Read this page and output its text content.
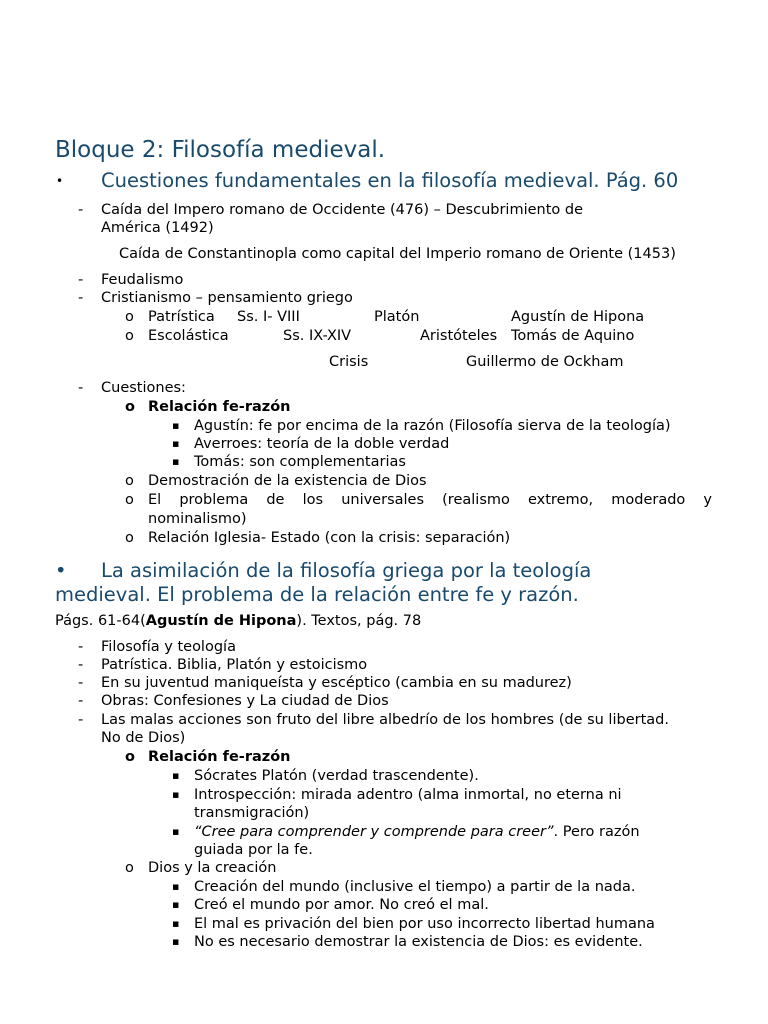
Bloque 2: Filosofía medieval.
• Cuestiones fundamentales en la filosofía medieval. Pág. 60
- Caída del Impero romano de Occidente (476) – Descubrimiento de
América (1492)
Caída de Constantinopla como capital del Imperio romano de Oriente (1453)
- Feudalismo
- Cristianismo – pensamiento griego
o Patrística Ss. I- VIII	Platón	Agustín de Hipona
o Escolástica	Ss. IX-XIV	Aristóteles Tomás de Aquino
Crisis	Guillermo de Ockham
- Cuestiones:
o Relación fe-razón
▪ Agustín: fe por encima de la razón (Filosofía sierva de la teología)
▪ Averroes: teoría de la doble verdad
▪ Tomás: son complementarias
o Demostración de la existencia de Dios
o El problema de los universales (realismo extremo, moderado y
nominalismo)
o Relación Iglesia- Estado (con la crisis: separación)
• La asimilación de la filosofía griega por la teología
medieval. El problema de la relación entre fe y razón.
Págs. 61-64(Agustín de Hipona). Textos, pág. 78
- Filosofía y teología
- Patrística. Biblia, Platón y estoicismo
- En su juventud maniqueísta y escéptico (cambia en su madurez)
- Obras: Confesiones y La ciudad de Dios
- Las malas acciones son fruto del libre albedrío de los hombres (de su libertad.
No de Dios)
o Relación fe-razón
▪ Sócrates Platón (verdad trascendente).
▪ Introspección: mirada adentro (alma inmortal, no eterna ni
transmigración)
▪ “Cree para comprender y comprende para creer”. Pero razón
guiada por la fe.
o Dios y la creación
▪ Creación del mundo (inclusive el tiempo) a partir de la nada.
▪ Creó el mundo por amor. No creó el mal.
▪ El mal es privación del bien por uso incorrecto libertad humana
▪ No es necesario demostrar la existencia de Dios: es evidente.
